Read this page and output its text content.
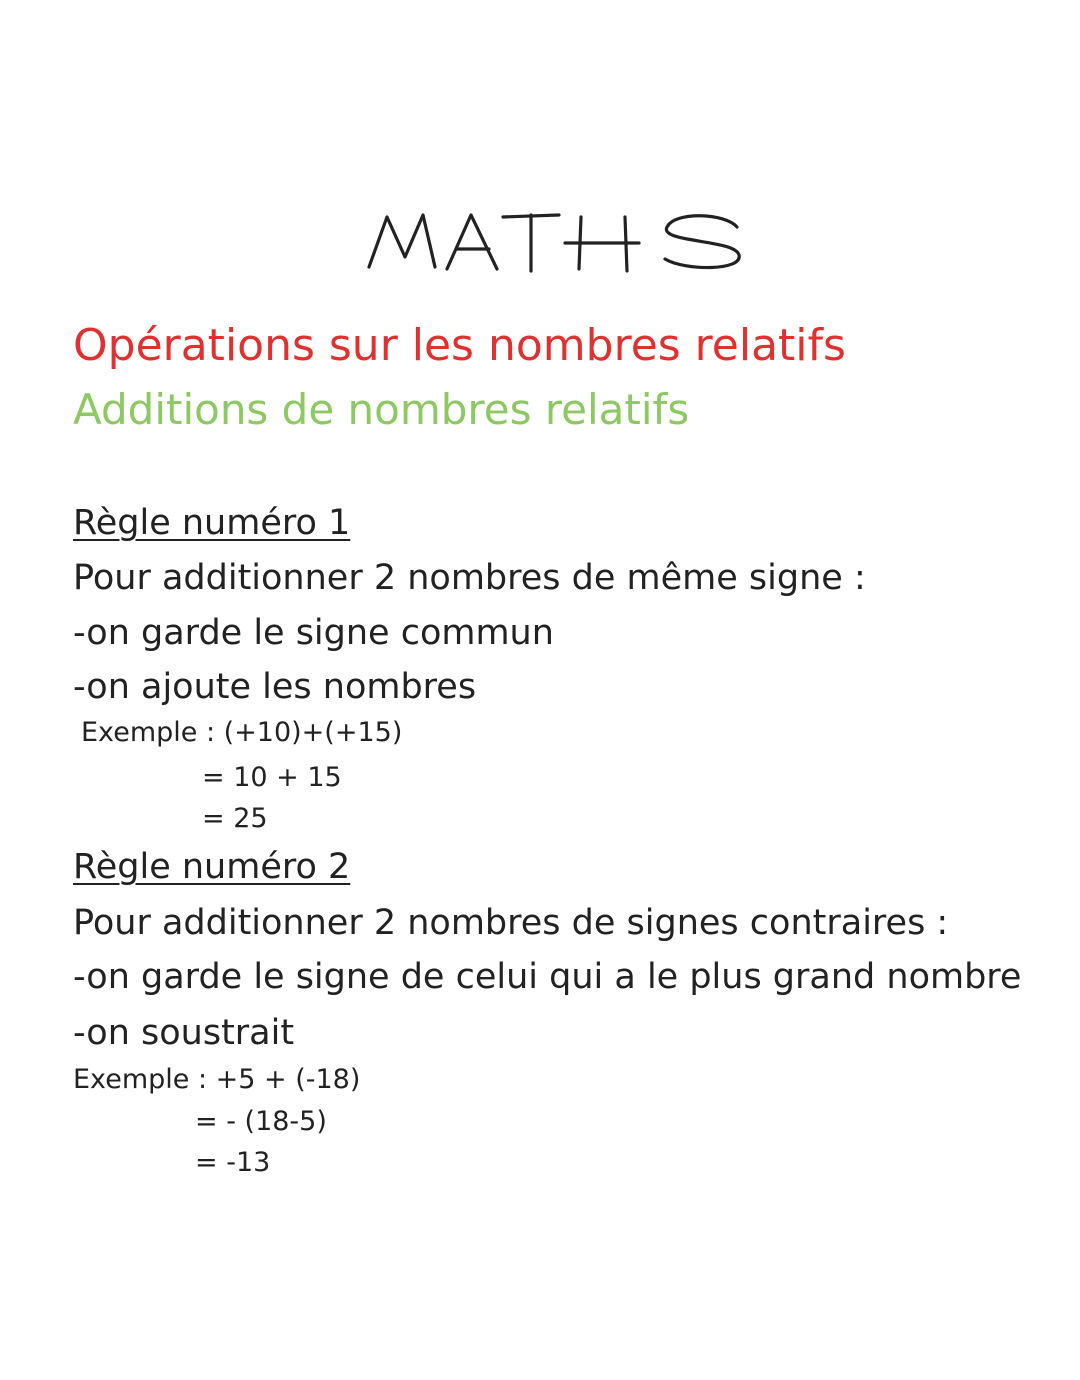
Opérations sur les nombres relatifs

Additions de nombres relatifs

Règle numéro 1

Pour additionner 2 nombres de même signe :

-on garde le signe commun

-on ajoute les nombres

Exemple : (+10)+(+15)

= 10 + 15

= 25

Règle numéro 2

Pour additionner 2 nombres de signes contraires :

-on garde le signe de celui qui a le plus grand nombre

-on soustrait

Exemple : +5 + (-18)

= - (18-5)

= -13
